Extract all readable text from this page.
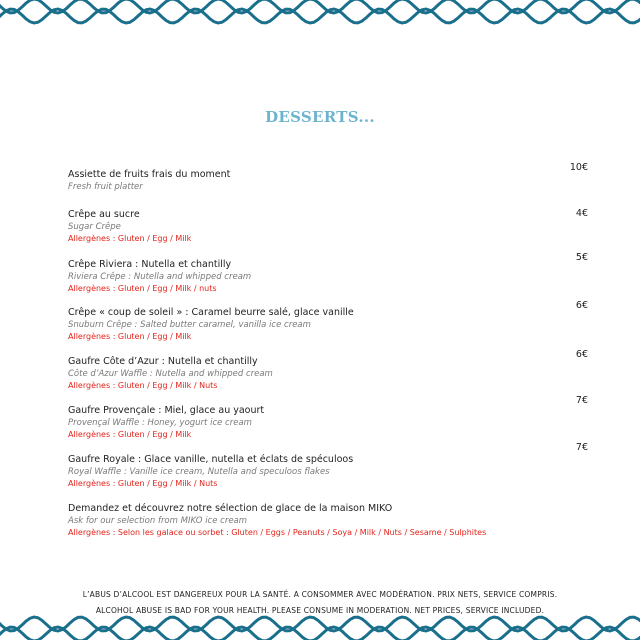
DESSERTS...
Assiette de fruits frais du moment
Fresh fruit platter
10€
Crêpe au sucre
Sugar Crêpe
Allergènes : Gluten / Egg / Milk
4€
Crêpe Riviera : Nutella et chantilly
Riviera Crêpe : Nutella and whipped cream
Allergènes : Gluten / Egg / Milk / nuts
5€
Crêpe « coup de soleil » : Caramel beurre salé, glace vanille
Snuburn Crêpe : Salted butter caramel, vanilla ice cream
Allergènes : Gluten / Egg / Milk
6€
Gaufre Côte d’Azur : Nutella et chantilly
Côte d’Azur Waffle : Nutella and whipped cream
Allergènes : Gluten / Egg / Milk / Nuts
6€
Gaufre Provençale : Miel, glace au yaourt
Provençal Waffle : Honey, yogurt ice cream
Allergènes : Gluten / Egg / Milk
7€
Gaufre Royale : Glace vanille, nutella et éclats de spéculoos
Royal Waffle : Vanille ice cream, Nutella and speculoos flakes
Allergènes : Gluten / Egg / Milk / Nuts
7€
Demandez et découvrez notre sélection de glace de la maison MIKO
Ask for our selection from MIKO ice cream
Allergènes : Selon les galace ou sorbet : Gluten / Eggs / Peanuts / Soya / Milk / Nuts / Sesame / Sulphites
L’ABUS D’ALCOOL EST DANGEREUX POUR LA SANTÉ. A CONSOMMER AVEC MODÉRATION. PRIX NETS, SERVICE COMPRIS.
ALCOHOL ABUSE IS BAD FOR YOUR HEALTH. PLEASE CONSUME IN MODERATION. NET PRICES, SERVICE INCLUDED.
